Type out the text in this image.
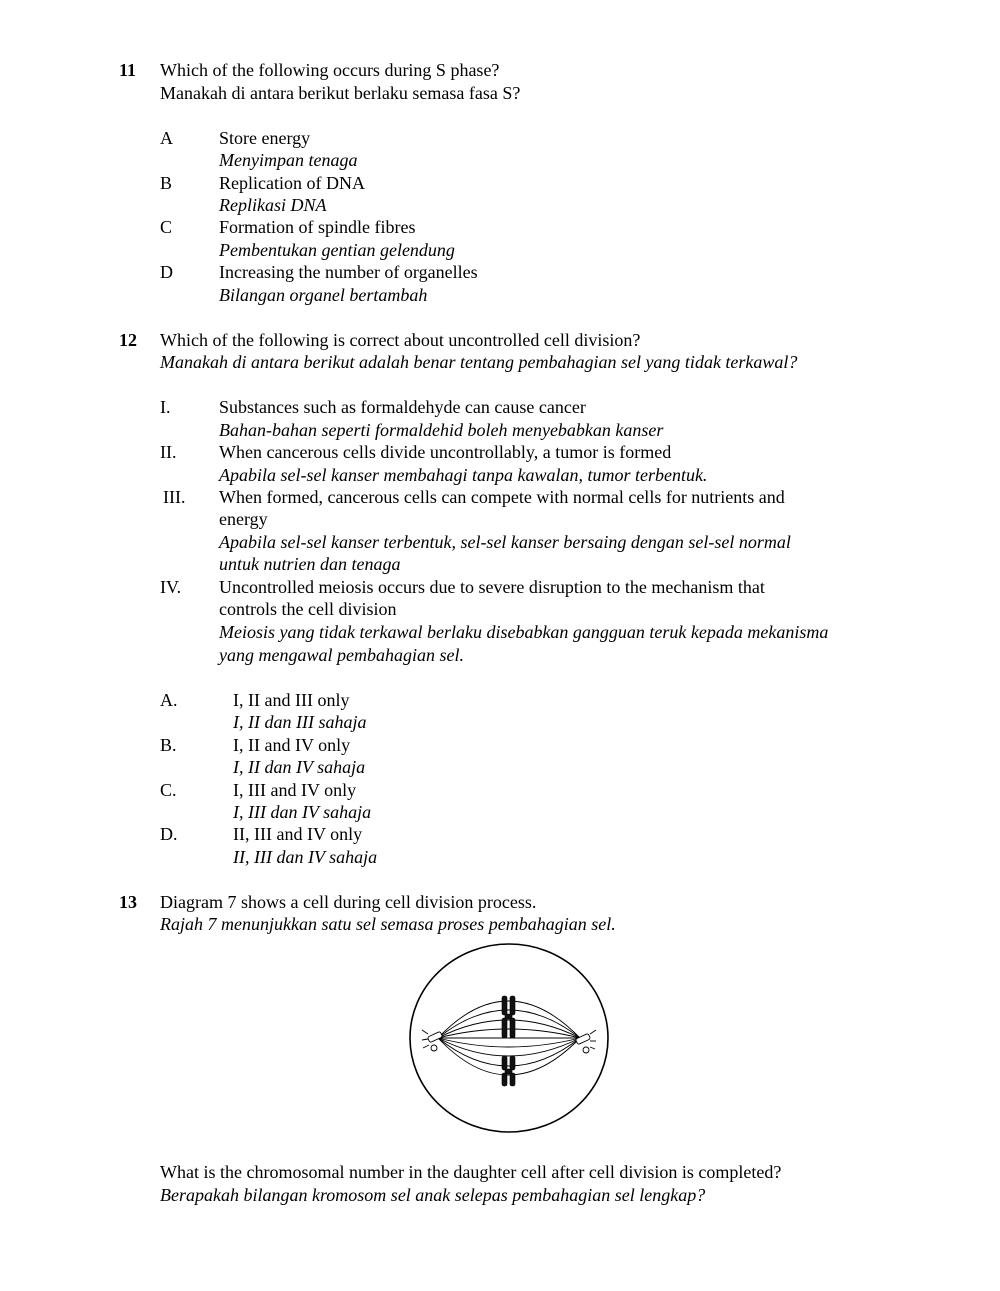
11 Which of the following occurs during S phase?
Manakah di antara berikut berlaku semasa fasa S?
A	Store energy
Menyimpan tenaga
B	Replication of DNA
Replikasi DNA
C	Formation of spindle fibres
Pembentukan gentian gelendung
D	Increasing the number of organelles
Bilangan organel bertambah
12 Which of the following is correct about uncontrolled cell division?
Manakah di antara berikut adalah benar tentang pembahagian sel yang tidak terkawal?
I.	Substances such as formaldehyde can cause cancer
Bahan-bahan seperti formaldehid boleh menyebabkan kanser
II. When cancerous cells divide uncontrollably, a tumor is formed
Apabila sel-sel kanser membahagi tanpa kawalan, tumor terbentuk.
III. When formed, cancerous cells can compete with normal cells for nutrients and
energy
Apabila sel-sel kanser terbentuk, sel-sel kanser bersaing dengan sel-sel normal
untuk nutrien dan tenaga
IV. Uncontrolled meiosis occurs due to severe disruption to the mechanism that
controls the cell division
Meiosis yang tidak terkawal berlaku disebabkan gangguan teruk kepada mekanisma
yang mengawal pembahagian sel.
A.	I, II and III only
I, II dan III sahaja
B.	I, II and IV only
I, II dan IV sahaja
C.	I, III and IV only
I, III dan IV sahaja
D.	II, III and IV only
II, III dan IV sahaja
13 Diagram 7 shows a cell during cell division process.
Rajah 7 menunjukkan satu sel semasa proses pembahagian sel.
What is the chromosomal number in the daughter cell after cell division is completed?
Berapakah bilangan kromosom sel anak selepas pembahagian sel lengkap?
